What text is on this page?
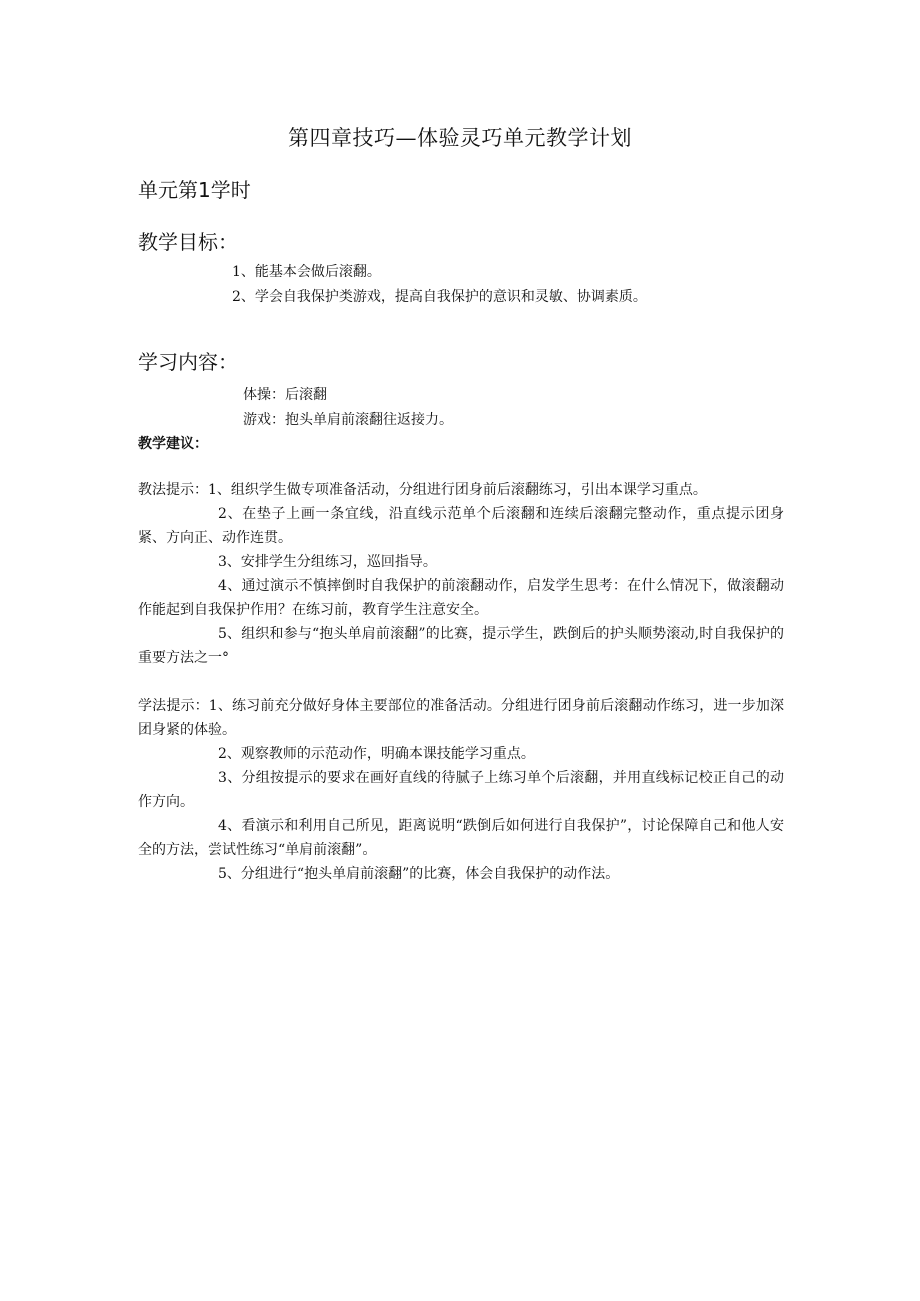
第四章技巧—体验灵巧单元教学计划
单元第1学时
教学目标：
1、能基本会做后滚翻。
2、学会自我保护类游戏，提高自我保护的意识和灵敏、协调素质。
学习内容：
体操：后滚翻
游戏：抱头单肩前滚翻往返接力。
教学建议：
教法提示：1、组织学生做专项准备活动，分组进行团身前后滚翻练习，引出本课学习重点。
2、在垫子上画一条宜线，沿直线示范单个后滚翻和连续后滚翻完整动作，重点提示团身紧、方向正、动作连贯。
3、安排学生分组练习，巡回指导。
4、通过演示不慎摔倒时自我保护的前滚翻动作，启发学生思考：在什么情况下，做滚翻动作能起到自我保护作用？在练习前，教育学生注意安全。
5、组织和参与“抱头单肩前滚翻”的比赛，提示学生，跌倒后的护头顺势滚动,时自我保护的重要方法之一°
学法提示：1、练习前充分做好身体主要部位的准备活动。分组进行团身前后滚翻动作练习，进一步加深团身紧的体验。
2、观察教师的示范动作，明确本课技能学习重点。
3、分组按提示的要求在画好直线的待腻子上练习单个后滚翻，并用直线标记校正自己的动作方向。
4、看演示和利用自己所见，距离说明“跌倒后如何进行自我保护”，讨论保障自己和他人安全的方法，尝试性练习“单肩前滚翻”。
5、分组进行“抱头单肩前滚翻”的比赛，体会自我保护的动作法。
